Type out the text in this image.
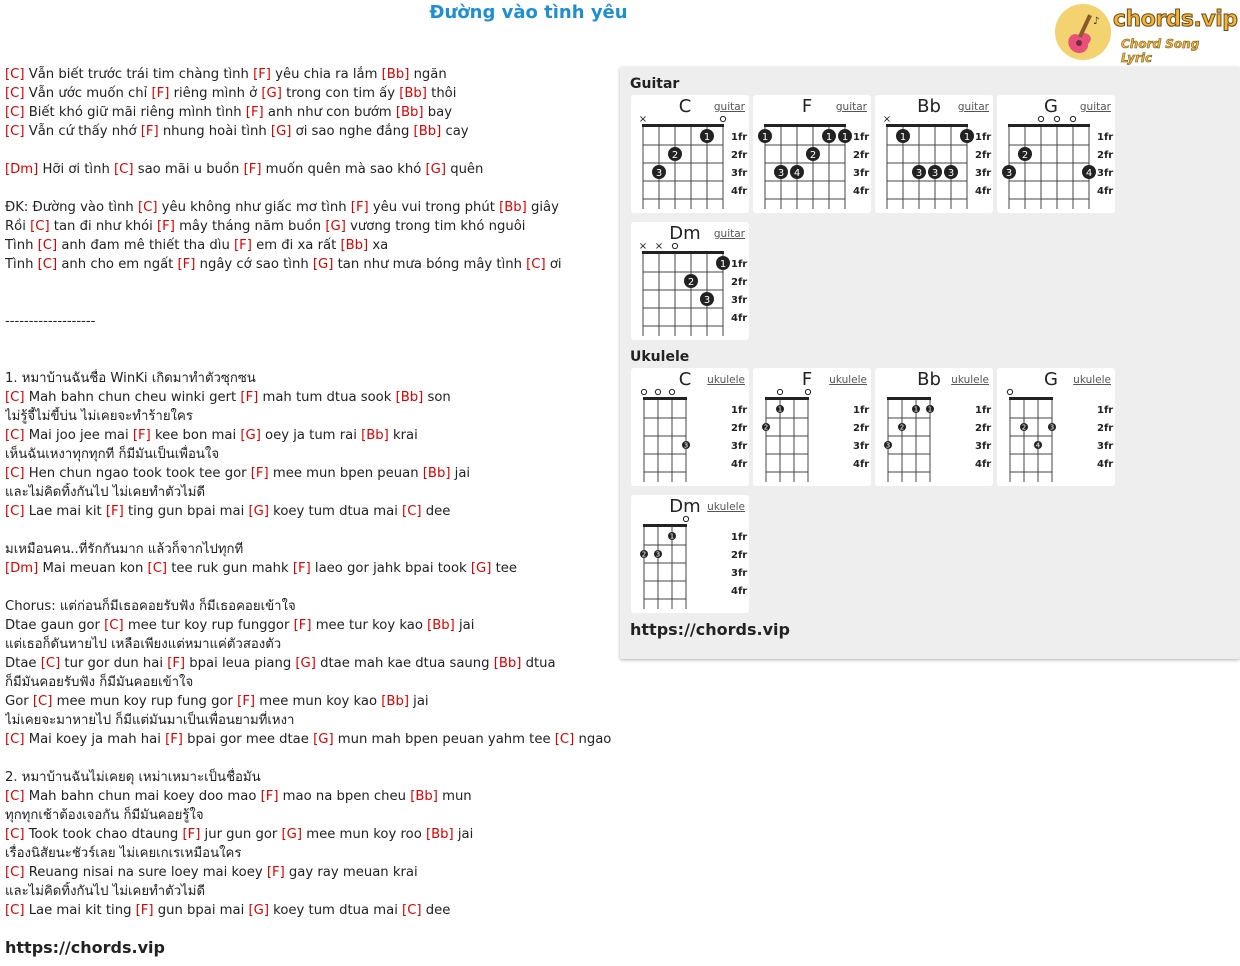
Đường vào tình yêu	♪ chords.vip
Chord Song Lyric
[C] Vẫn biết trước trái tim chàng tình [F] yêu chia ra lắm [Bb] ngăn
[C] Vẫn ước muốn chỉ [F] riêng mình ở [G] trong con tim ấy [Bb] thôi
[C] Biết khó giữ mãi riêng mình tình [F] anh như con bướm [Bb] bay
[C] Vẫn cứ thấy nhớ [F] nhung hoài tình [G] ơi sao nghe đắng [Bb] cay
[Dm] Hỡi ơi tình [C] sao mãi u buồn [F] muốn quên mà sao khó [G] quên
ĐK: Đường vào tình [C] yêu không như giấc mơ tình [F] yêu vui trong phút [Bb] giây
Rồi [C] tan đi như khói [F] mây tháng năm buồn [G] vương trong tim khó nguôi
Tình [C] anh đam mê thiết tha dìu [F] em đi xa rất [Bb] xa
Tình [C] anh cho em ngất [F] ngây cớ sao tình [G] tan như mưa bóng mây tình [C] ơi
-------------------
1. หมาบ้านฉันชื่อ WinKi เกิดมาทำตัวซุกซน
[C] Mah bahn chun cheu winki gert [F] mah tum dtua sook [Bb] son
ไม่รู้จี้ไม่ขี้บ่น ไม่เคยจะทำร้ายใคร
[C] Mai joo jee mai [F] kee bon mai [G] oey ja tum rai [Bb] krai
เห็นฉันเหงาทุกทุกที ก็มีมันเป็นเพื่อนใจ
[C] Hen chun ngao took took tee gor [F] mee mun bpen peuan [Bb] jai
และไม่คิดทิ้งกันไป ไม่เคยทำตัวไม่ดี
[C] Lae mai kit [F] ting gun bpai mai [G] koey tum dtua mai [C] dee
มเหมือนคน..ที่รักกันมาก แล้วก็จากไปทุกที
[Dm] Mai meuan kon [C] tee ruk gun mahk [F] laeo gor jahk bpai took [G] tee
Chorus: แต่ก่อนก็มีเธอคอยรับฟัง ก็มีเธอคอยเข้าใจ
Dtae gaun gor [C] mee tur koy rup funggor [F] mee tur koy kao [Bb] jai
แต่เธอก็ดันหายไป เหลือเพียงแต่หมาแค่ตัวสองตัว
Dtae [C] tur gor dun hai [F] bpai leua piang [G] dtae mah kae dtua saung [Bb] dtua
ก็มีมันคอยรับฟัง ก็มีมันคอยเข้าใจ
Gor [C] mee mun koy rup fung gor [F] mee mun koy kao [Bb] jai
ไม่เคยจะมาหายไป ก็มีแต่มันมาเป็นเพื่อนยามที่เหงา
[C] Mai koey ja mah hai [F] bpai gor mee dtae [G] mun mah bpen peuan yahm tee [C] ngao
2. หมาบ้านฉันไม่เคยดุ เหม่าเหมาะเป็นชื่อมัน
[C] Mah bahn chun mai koey doo mao [F] mao na bpen cheu [Bb] mun
ทุกทุกเช้าต้องเจอกัน ก็มีมันคอยรู้ใจ
[C] Took took chao dtaung [F] jur gun gor [G] mee mun koy roo [Bb] jai
เรื่องนิสัยนะชัวร์เลย ไม่เคยเกเรเหมือนใคร
[C] Reuang nisai na sure loey mai koey [F] gay ray meuan krai
และไม่คิดทิ้งกันไป ไม่เคยทำตัวไม่ดี
[C] Lae mai kit ting [F] gun bpai mai [G] koey tum dtua mai [C] dee
https://chords.vip
Guitar
×
1
2
3
1fr
2fr
3fr
4fr
C	guitar
1	1 1
2
3 4
1fr
2fr
3fr
4fr
F	guitar
×
1	1
3 3 3
1fr
2fr
3fr
4fr
Bb	guitar
2
3	4
1fr
2fr
3fr
4fr
G	guitar
× ×
1
2
3
1fr
2fr
3fr
4fr
Dm	guitar
Ukulele
3
1fr
2fr
3fr
4fr
C	ukulele
1
2
1fr
2fr
3fr
4fr
F	ukulele
1 1
2
3
1fr
2fr
3fr
4fr
Bb ukulele
2	3
4
1fr
2fr
3fr
4fr
G	ukulele
1
2 3
1fr
2fr
3fr
4fr
Dm ukulele
https://chords.vip
